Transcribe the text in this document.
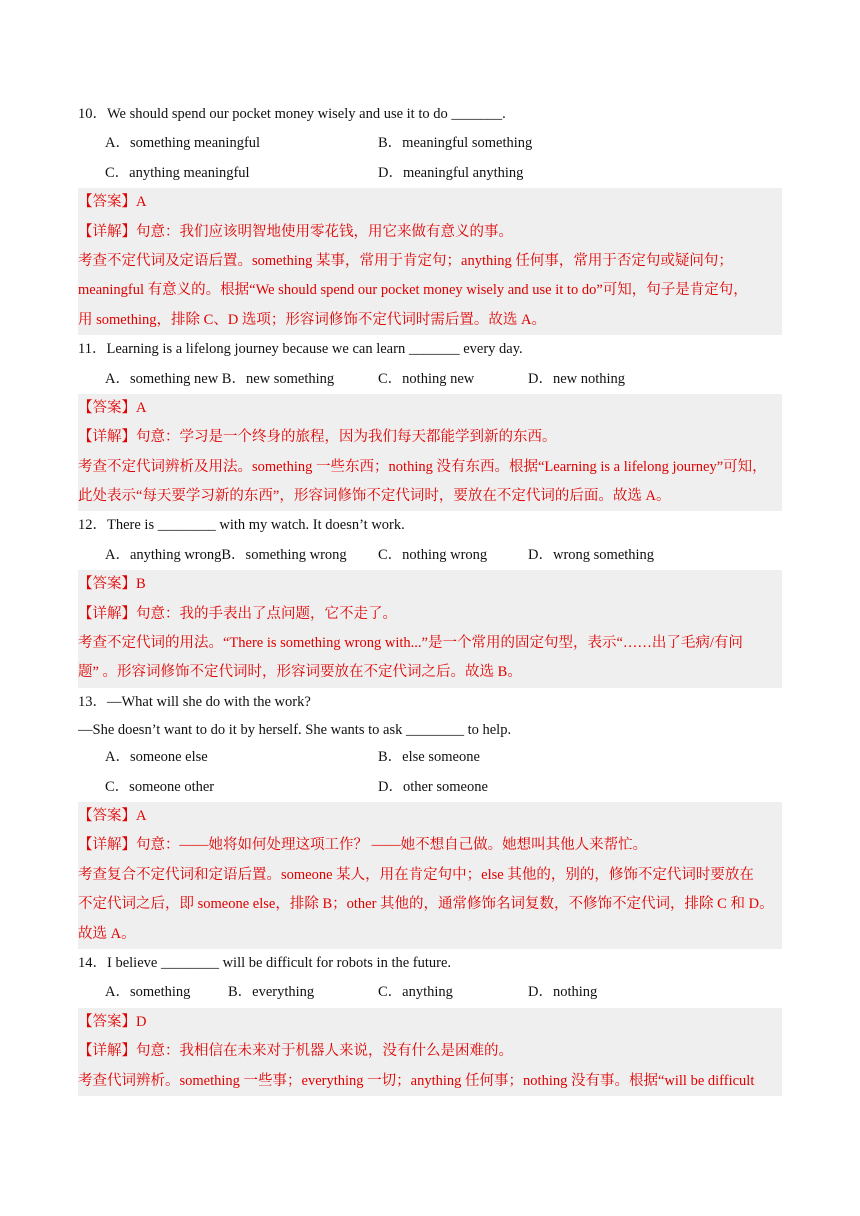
10．We should spend our pocket money wisely and use it to do _______.
A．something meaningful	B．meaningful something
C．anything meaningful	D．meaningful anything
【答案】A
【详解】句意：我们应该明智地使用零花钱，用它来做有意义的事。
考查不定代词及定语后置。something 某事，常用于肯定句；anything 任何事，常用于否定句或疑问句；
meaningful 有意义的。根据“We should spend our pocket money wisely and use it to do”可知，句子是肯定句，
用 something，排除 C、D 选项；形容词修饰不定代词时需后置。故选 A。
11．Learning is a lifelong journey because we can learn _______ every day.
A．something new B．new something	C．nothing new	D．new nothing
【答案】A
【详解】句意：学习是一个终身的旅程，因为我们每天都能学到新的东西。
考查不定代词辨析及用法。something 一些东西；nothing 没有东西。根据“Learning is a lifelong journey”可知，
此处表示“每天要学习新的东西”，形容词修饰不定代词时，要放在不定代词的后面。故选 A。
12．There is ________ with my watch. It doesn’t work.
A．anything wrongB．something wrong C．nothing wrong	D．wrong something
【答案】B
【详解】句意：我的手表出了点问题，它不走了。
考查不定代词的用法。“There is something wrong with...”是一个常用的固定句型，表示“……出了毛病/有问
题” 。形容词修饰不定代词时，形容词要放在不定代词之后。故选 B。
13．—What will she do with the work?
—She doesn’t want to do it by herself. She wants to ask ________ to help.
A．someone else	B．else someone
C．someone other	D．other someone
【答案】A
【详解】句意：——她将如何处理这项工作？ ——她不想自己做。她想叫其他人来帮忙。
考查复合不定代词和定语后置。someone 某人，用在肯定句中；else 其他的，别的，修饰不定代词时要放在
不定代词之后，即 someone else，排除 B；other 其他的，通常修饰名词复数，不修饰不定代词，排除 C 和 D。
故选 A。
14．I believe ________ will be difficult for robots in the future.
A．something	B．everything	C．anything	D．nothing
【答案】D
【详解】句意：我相信在未来对于机器人来说，没有什么是困难的。
考查代词辨析。something 一些事；everything 一切；anything 任何事；nothing 没有事。根据“will be difficult
